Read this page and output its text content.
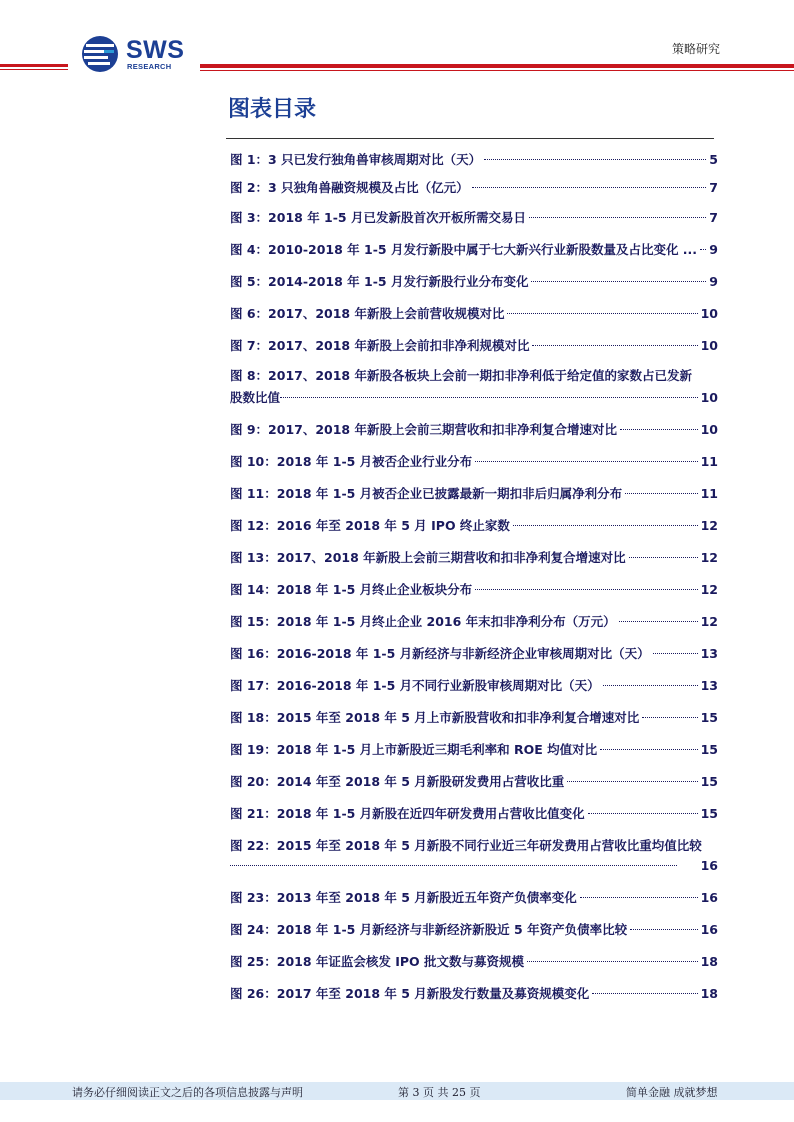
SWS
RESEARCH
策略研究
图表目录
图 1：3 只已发行独角兽审核周期对比（天）	5
图 2：3 只独角兽融资规模及占比（亿元）	7
图 3：2018 年 1-5 月已发新股首次开板所需交易日	7
图 4：2010-2018 年 1-5 月发行新股中属于七大新兴行业新股数量及占比变化 ... 9
图 5：2014-2018 年 1-5 月发行新股行业分布变化	9
图 6：2017、2018 年新股上会前营收规模对比	10
图 7：2017、2018 年新股上会前扣非净利规模对比	10
图 8：2017、2018 年新股各板块上会前一期扣非净利低于给定值的家数占已发新
股数比值	10
图 9：2017、2018 年新股上会前三期营收和扣非净利复合增速对比	10
图 10：2018 年 1-5 月被否企业行业分布	11
图 11：2018 年 1-5 月被否企业已披露最新一期扣非后归属净利分布	11
图 12：2016 年至 2018 年 5 月 IPO 终止家数	12
图 13：2017、2018 年新股上会前三期营收和扣非净利复合增速对比	12
图 14：2018 年 1-5 月终止企业板块分布	12
图 15：2018 年 1-5 月终止企业 2016 年末扣非净利分布（万元）	12
图 16：2016-2018 年 1-5 月新经济与非新经济企业审核周期对比（天）	13
图 17：2016-2018 年 1-5 月不同行业新股审核周期对比（天）	13
图 18：2015 年至 2018 年 5 月上市新股营收和扣非净利复合增速对比	15
图 19：2018 年 1-5 月上市新股近三期毛利率和 ROE 均值对比	15
图 20：2014 年至 2018 年 5 月新股研发费用占营收比重	15
图 21：2018 年 1-5 月新股在近四年研发费用占营收比值变化	15
图 22：2015 年至 2018 年 5 月新股不同行业近三年研发费用占营收比重均值比较
16
图 23：2013 年至 2018 年 5 月新股近五年资产负债率变化	16
图 24：2018 年 1-5 月新经济与非新经济新股近 5 年资产负债率比较	16
图 25：2018 年证监会核发 IPO 批文数与募资规模	18
图 26：2017 年至 2018 年 5 月新股发行数量及募资规模变化	18
请务必仔细阅读正文之后的各项信息披露与声明	第 3 页 共 25 页	简单金融 成就梦想
